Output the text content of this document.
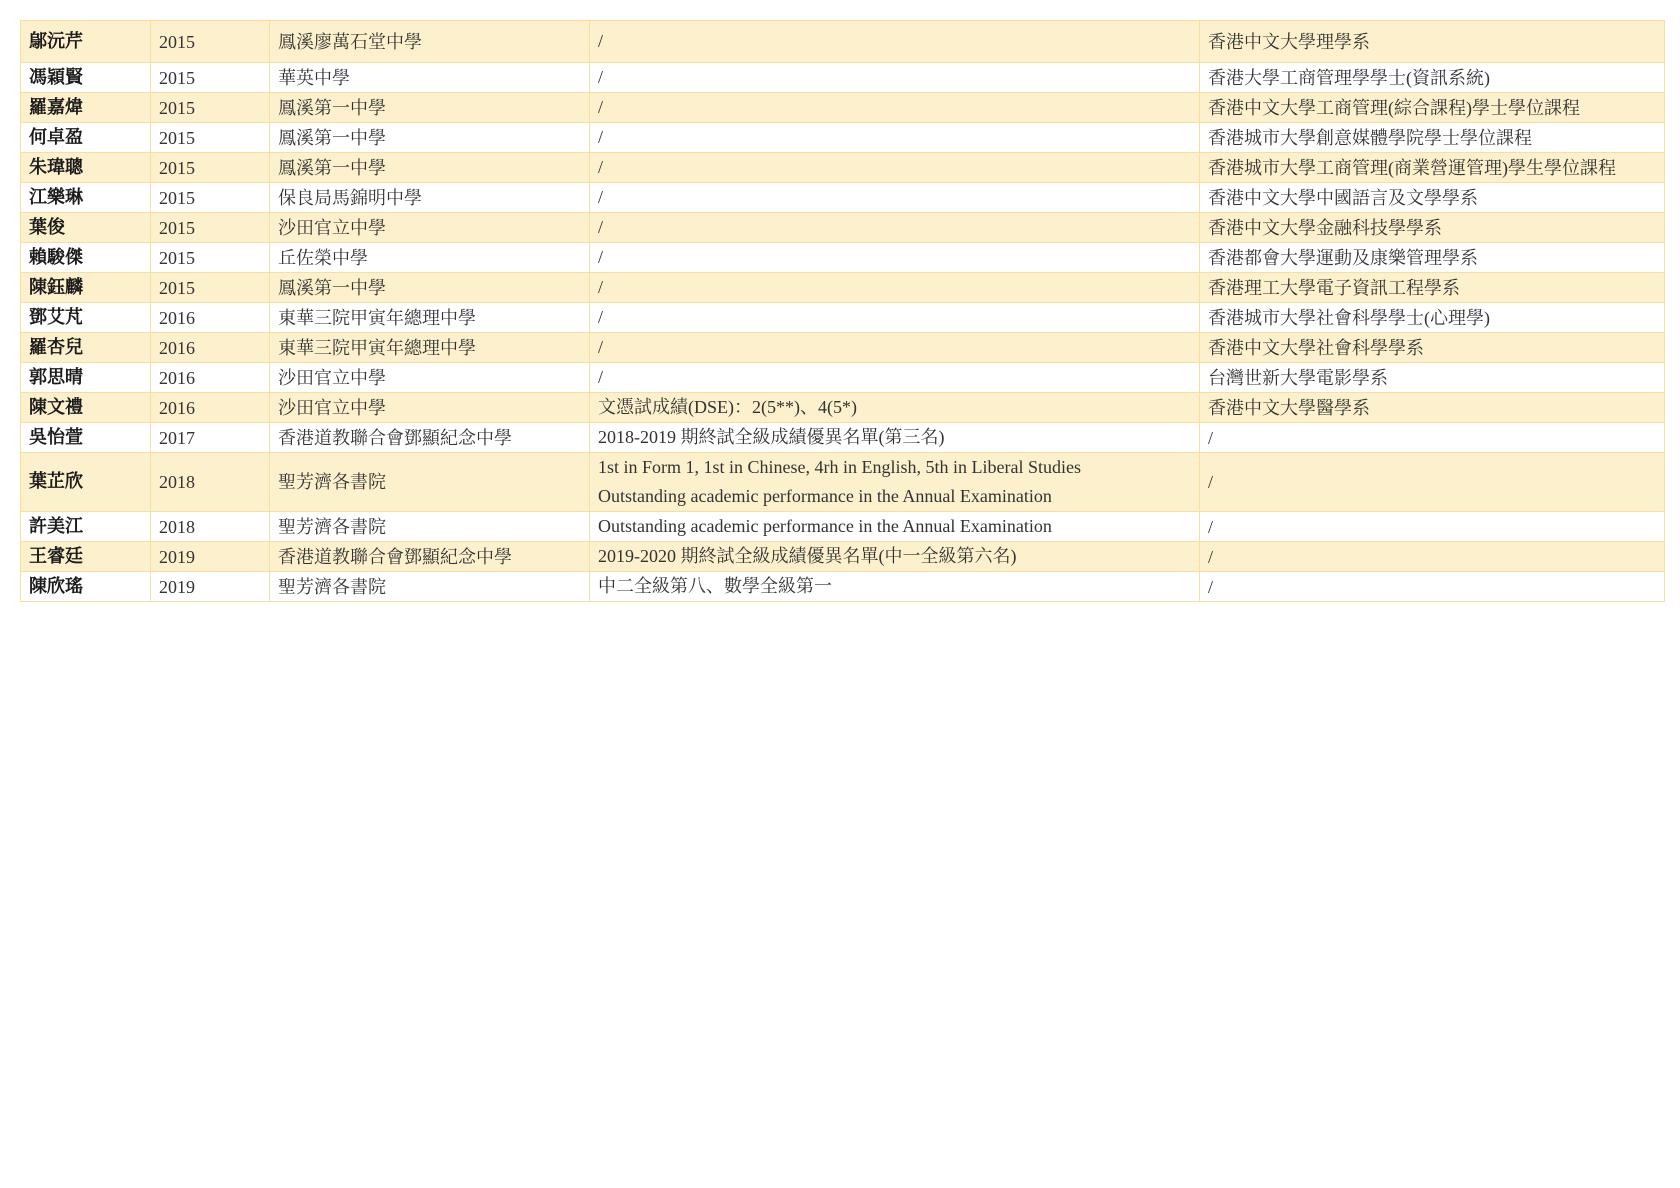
鄔沅芹	2015	鳳溪廖萬石堂中學	/	香港中文大學理學系
馮穎賢	2015	華英中學	/	香港大學工商管理學學士(資訊系統)
羅嘉煒	2015	鳳溪第一中學	/	香港中文大學工商管理(綜合課程)學士學位課程
何卓盈	2015	鳳溪第一中學	/	香港城市大學創意媒體學院學士學位課程
朱瑋聰	2015	鳳溪第一中學	/	香港城市大學工商管理(商業營運管理)學生學位課程
江樂琳	2015	保良局馬錦明中學	/	香港中文大學中國語言及文學學系
葉俊	2015	沙田官立中學	/	香港中文大學金融科技學學系
賴駿傑	2015	丘佐榮中學	/	香港都會大學運動及康樂管理學系
陳鈺麟	2015	鳳溪第一中學	/	香港理工大學電子資訊工程學系
鄧艾芃	2016	東華三院甲寅年總理中學	/	香港城市大學社會科學學士(心理學)
羅杏兒	2016	東華三院甲寅年總理中學	/	香港中文大學社會科學學系
郭思晴	2016	沙田官立中學	/	台灣世新大學電影學系
陳文禮	2016	沙田官立中學	文憑試成績(DSE)：2(5**)、4(5*)	香港中文大學醫學系
吳怡萱	2017	香港道教聯合會鄧顯紀念中學	2018-2019 期終試全級成績優異名單(第三名)	/
葉芷欣	2018	聖芳濟各書院	1st in Form 1, 1st in Chinese, 4rh in English, 5th in Liberal Studies
Outstanding academic performance in the Annual Examination	/
許美江	2018	聖芳濟各書院	Outstanding academic performance in the Annual Examination	/
王睿廷	2019	香港道教聯合會鄧顯紀念中學	2019-2020 期終試全級成績優異名單(中一全級第六名)	/
陳欣瑤	2019	聖芳濟各書院	中二全級第八、數學全級第一	/
